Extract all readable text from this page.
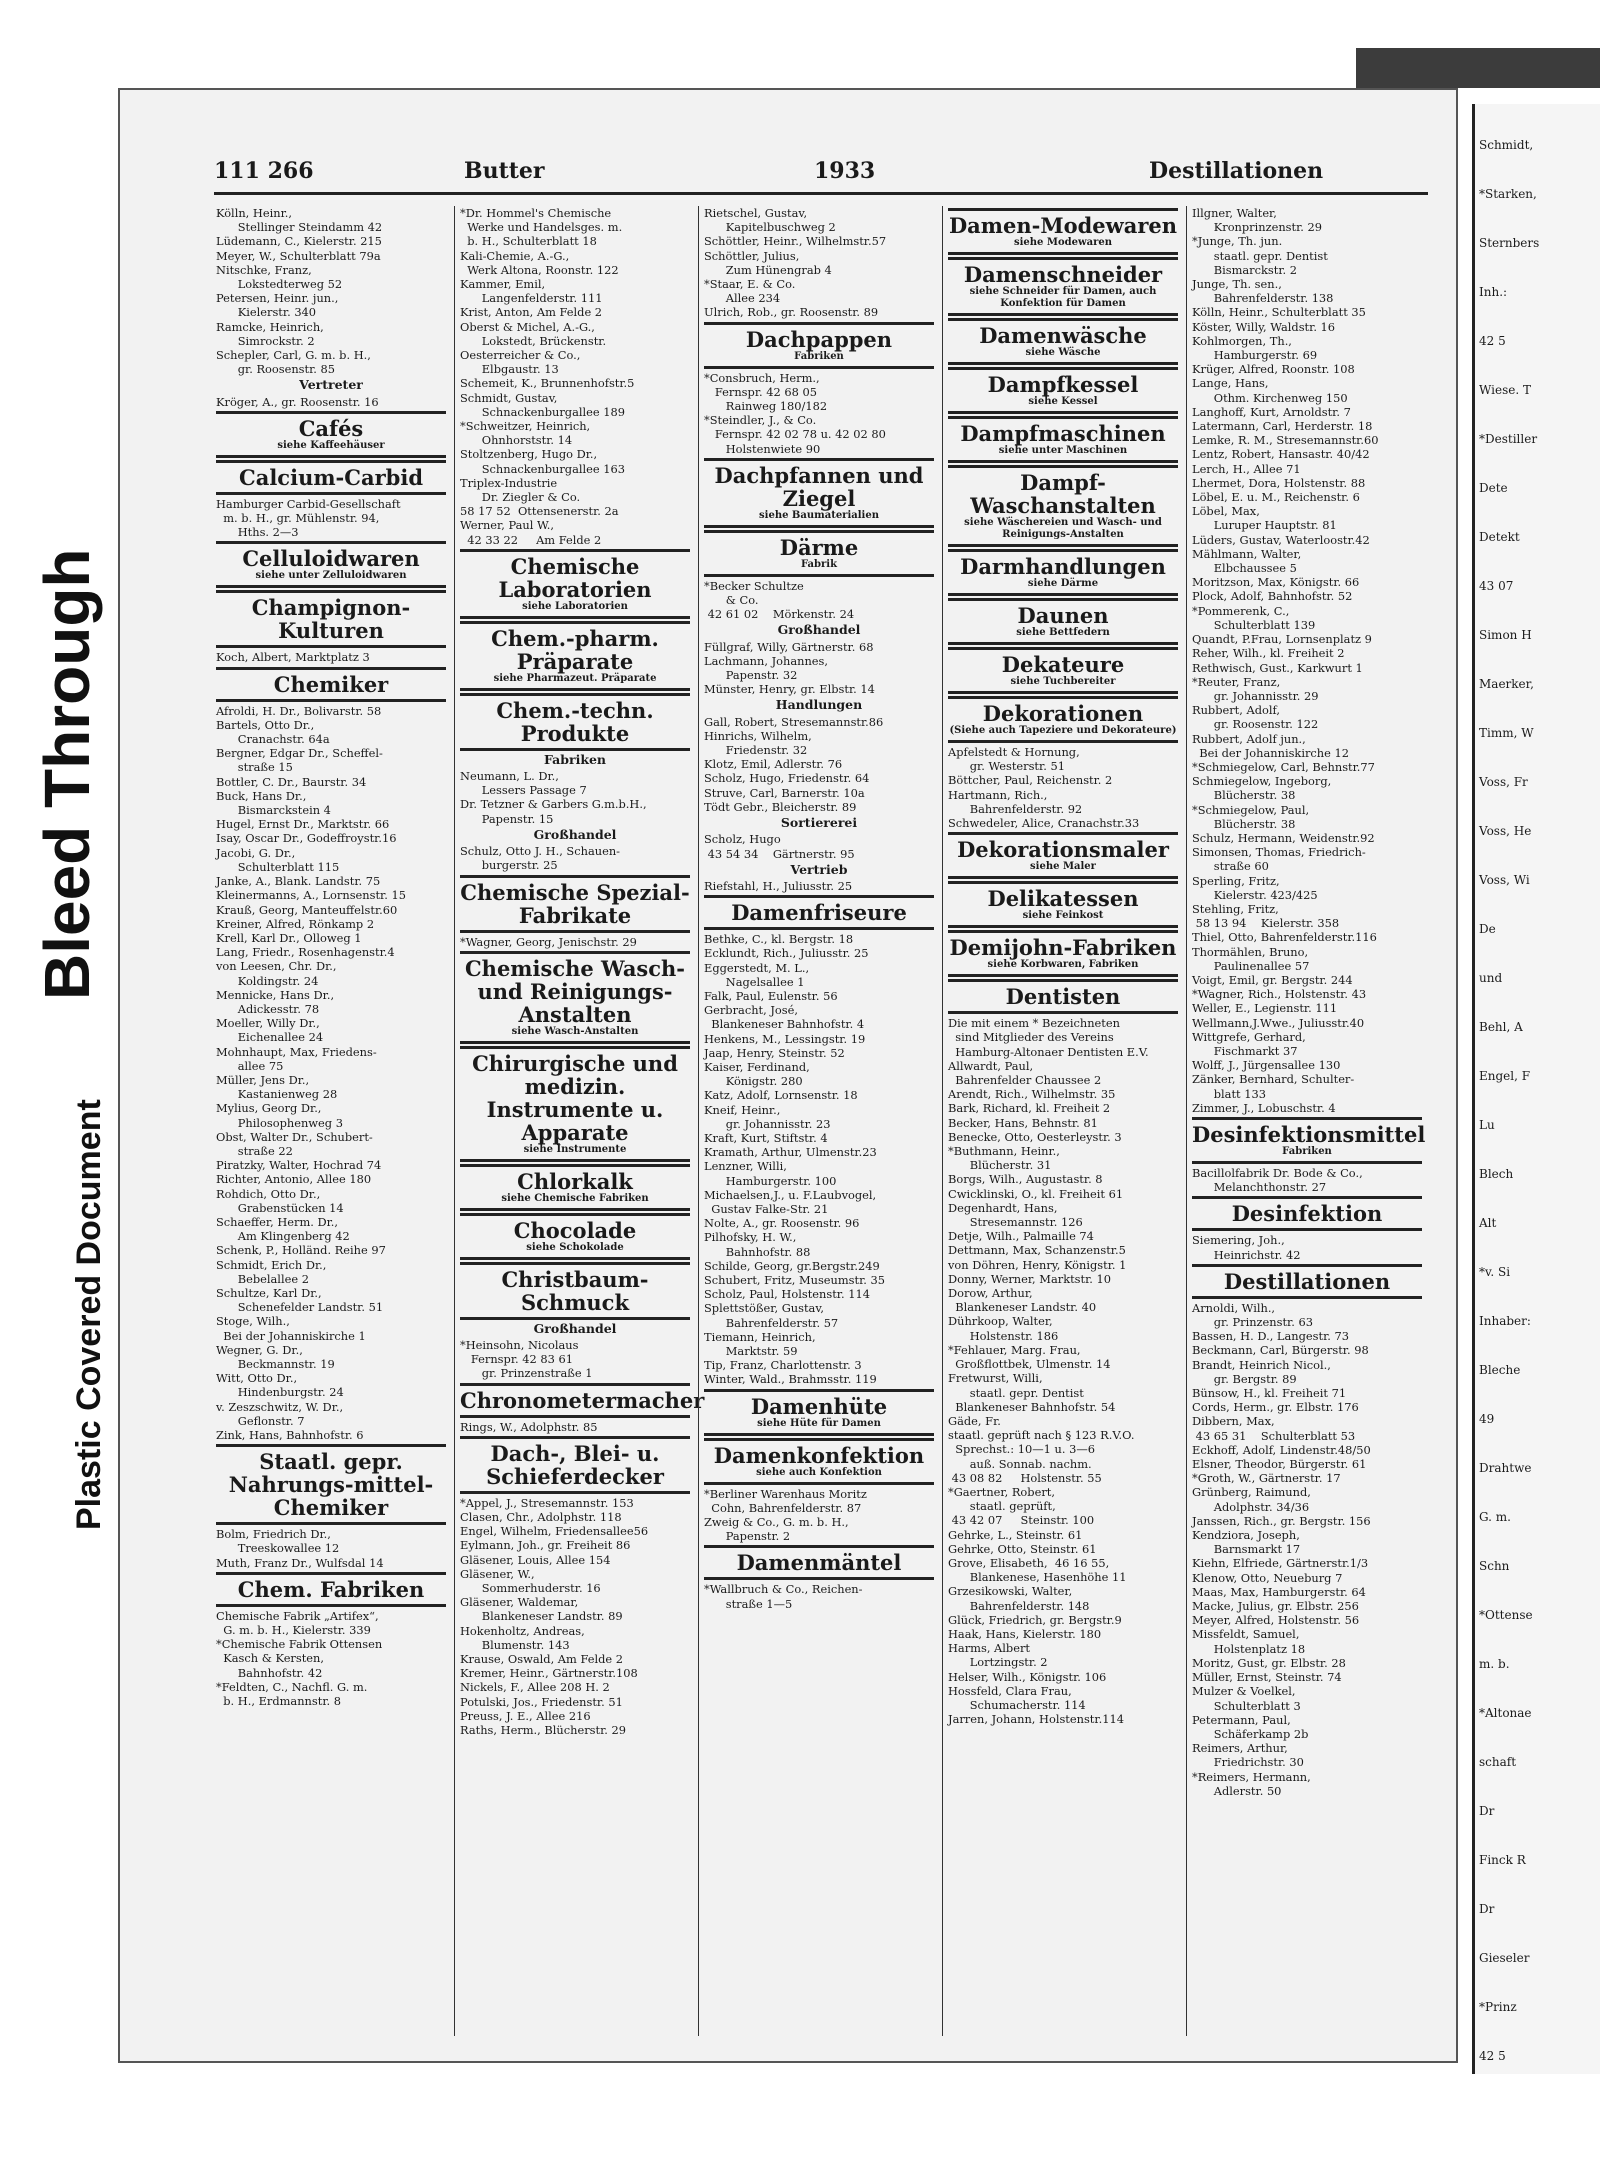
Bleed Through
Plastic Covered Document
111 266	Butter	1933	Destillationen
Kölln, Heinr.,
Stellinger Steindamm 42
Lüdemann, C., Kielerstr. 215
Meyer, W., Schulterblatt 79a
Nitschke, Franz,
Lokstedterweg 52
Petersen, Heinr. jun.,
Kielerstr. 340
Ramcke, Heinrich,
Simrockstr. 2
Schepler, Carl, G. m. b. H.,
gr. Roosenstr. 85
Vertreter
Kröger, A., gr. Roosenstr. 16
Cafés
siehe Kaffeehäuser
Calcium-Carbid
Hamburger Carbid-Gesellschaft
m. b. H., gr. Mühlenstr. 94,
Hths. 2—3
Celluloidwaren
siehe unter Zelluloidwaren
Champignon-Kulturen
Koch, Albert, Marktplatz 3
Chemiker
Afroldi, H. Dr., Bolivarstr. 58
Bartels, Otto Dr.,
Cranachstr. 64a
Bergner, Edgar Dr., Scheffel-
straße 15
Bottler, C. Dr., Baurstr. 34
Buck, Hans Dr.,
Bismarckstein 4
Hugel, Ernst Dr., Marktstr. 66
Isay, Oscar Dr., Godeffroystr.16
Jacobi, G. Dr.,
Schulterblatt 115
Janke, A., Blank. Landstr. 75
Kleinermanns, A., Lornsenstr. 15
Krauß, Georg, Manteuffelstr.60
Kreiner, Alfred, Rönkamp 2
Krell, Karl Dr., Olloweg 1
Lang, Friedr., Rosenhagenstr.4
von Leesen, Chr. Dr.,
Koldingstr. 24
Mennicke, Hans Dr.,
Adickesstr. 78
Moeller, Willy Dr.,
Eichenallee 24
Mohnhaupt, Max, Friedens-
allee 75
Müller, Jens Dr.,
Kastanienweg 28
Mylius, Georg Dr.,
Philosophenweg 3
Obst, Walter Dr., Schubert-
straße 22
Piratzky, Walter, Hochrad 74
Richter, Antonio, Allee 180
Rohdich, Otto Dr.,
Grabenstücken 14
Schaeffer, Herm. Dr.,
Am Klingenberg 42
Schenk, P., Holländ. Reihe 97
Schmidt, Erich Dr.,
Bebelallee 2
Schultze, Karl Dr.,
Schenefelder Landstr. 51
Stoge, Wilh.,
Bei der Johanniskirche 1
Wegner, G. Dr.,
Beckmannstr. 19
Witt, Otto Dr.,
Hindenburgstr. 24
v. Zeszschwitz, W. Dr.,
Geflonstr. 7
Zink, Hans, Bahnhofstr. 6
Staatl. gepr. Nahrungs-mittel-Chemiker
Bolm, Friedrich Dr.,
Treeskowallee 12
Muth, Franz Dr., Wulfsdal 14
Chem. Fabriken
Chemische Fabrik „Artifex“,
G. m. b. H., Kielerstr. 339
*Chemische Fabrik Ottensen
Kasch & Kersten,
Bahnhofstr. 42
*Feldten, C., Nachfl. G. m.
b. H., Erdmannstr. 8
*Dr. Hommel's Chemische
Werke und Handelsges. m.
b. H., Schulterblatt 18
Kali-Chemie, A.-G.,
Werk Altona, Roonstr. 122
Kammer, Emil,
Langenfelderstr. 111
Krist, Anton, Am Felde 2
Oberst & Michel, A.-G.,
Lokstedt, Brückenstr.
Oesterreicher & Co.,
Elbgaustr. 13
Schemeit, K., Brunnenhofstr.5
Schmidt, Gustav,
Schnackenburgallee 189
*Schweitzer, Heinrich,
Ohnhorststr. 14
Stoltzenberg, Hugo Dr.,
Schnackenburgallee 163
Triplex-Industrie
Dr. Ziegler & Co.
58 17 52  Ottensenerstr. 2a
Werner, Paul W.,
42 33 22     Am Felde 2
Chemische Laboratorien
siehe Laboratorien
Chem.-pharm. Präparate
siehe Pharmazeut. Präparate
Chem.-techn. Produkte
Fabriken
Neumann, L. Dr.,
Lessers Passage 7
Dr. Tetzner & Garbers G.m.b.H.,
Papenstr. 15
Großhandel
Schulz, Otto J. H., Schauen-
burgerstr. 25
Chemische Spezial-Fabrikate
*Wagner, Georg, Jenischstr. 29
Chemische Wasch- und Reinigungs-Anstalten
siehe Wasch-Anstalten
Chirurgische und medizin. Instrumente u. Apparate
siehe Instrumente
Chlorkalk
siehe Chemische Fabriken
Chocolade
siehe Schokolade
Christbaum-Schmuck
Großhandel
*Heinsohn, Nicolaus
Fernspr. 42 83 61
gr. Prinzenstraße 1
Chronometermacher
Rings, W., Adolphstr. 85
Dach-, Blei- u. Schieferdecker
*Appel, J., Stresemannstr. 153
Clasen, Chr., Adolphstr. 118
Engel, Wilhelm, Friedensallee56
Eylmann, Joh., gr. Freiheit 86
Gläsener, Louis, Allee 154
Gläsener, W.,
Sommerhuderstr. 16
Gläsener, Waldemar,
Blankeneser Landstr. 89
Hokenholtz, Andreas,
Blumenstr. 143
Krause, Oswald, Am Felde 2
Kremer, Heinr., Gärtnerstr.108
Nickels, F., Allee 208 H. 2
Potulski, Jos., Friedenstr. 51
Preuss, J. E., Allee 216
Raths, Herm., Blücherstr. 29
Rietschel, Gustav,
Kapitelbuschweg 2
Schöttler, Heinr., Wilhelmstr.57
Schöttler, Julius,
Zum Hünengrab 4
*Staar, E. & Co.
Allee 234
Ulrich, Rob., gr. Roosenstr. 89
Dachpappen
Fabriken
*Consbruch, Herm.,
Fernspr. 42 68 05
Rainweg 180/182
*Steindler, J., & Co.
Fernspr. 42 02 78 u. 42 02 80
Holstenwiete 90
Dachpfannen und Ziegel
siehe Baumaterialien
Därme
Fabrik
*Becker Schultze
& Co.
42 61 02    Mörkenstr. 24
Großhandel
Füllgraf, Willy, Gärtnerstr. 68
Lachmann, Johannes,
Papenstr. 32
Münster, Henry, gr. Elbstr. 14
Handlungen
Gall, Robert, Stresemannstr.86
Hinrichs, Wilhelm,
Friedenstr. 32
Klotz, Emil, Adlerstr. 76
Scholz, Hugo, Friedenstr. 64
Struve, Carl, Barnerstr. 10a
Tödt Gebr., Bleicherstr. 89
Sortiererei
Scholz, Hugo
43 54 34    Gärtnerstr. 95
Vertrieb
Riefstahl, H., Juliusstr. 25
Damenfriseure
Bethke, C., kl. Bergstr. 18
Ecklundt, Rich., Juliusstr. 25
Eggerstedt, M. L.,
Nagelsallee 1
Falk, Paul, Eulenstr. 56
Gerbracht, José,
Blankeneser Bahnhofstr. 4
Henkens, M., Lessingstr. 19
Jaap, Henry, Steinstr. 52
Kaiser, Ferdinand,
Königstr. 280
Katz, Adolf, Lornsenstr. 18
Kneif, Heinr.,
gr. Johannisstr. 23
Kraft, Kurt, Stiftstr. 4
Kramath, Arthur, Ulmenstr.23
Lenzner, Willi,
Hamburgerstr. 100
Michaelsen,J., u. F.Laubvogel,
Gustav Falke-Str. 21
Nolte, A., gr. Roosenstr. 96
Pilhofsky, H. W.,
Bahnhofstr. 88
Schilde, Georg, gr.Bergstr.249
Schubert, Fritz, Museumstr. 35
Scholz, Paul, Holstenstr. 114
Splettstößer, Gustav,
Bahrenfelderstr. 57
Tiemann, Heinrich,
Marktstr. 59
Tip, Franz, Charlottenstr. 3
Winter, Wald., Brahmsstr. 119
Damenhüte
siehe Hüte für Damen
Damenkonfektion
siehe auch Konfektion
*Berliner Warenhaus Moritz
Cohn, Bahrenfelderstr. 87
Zweig & Co., G. m. b. H.,
Papenstr. 2
Damenmäntel
*Wallbruch & Co., Reichen-
straße 1—5
Damen-Modewaren
siehe Modewaren
Damenschneider
siehe Schneider für Damen, auch Konfektion für Damen
Damenwäsche
siehe Wäsche
Dampfkessel
siehe Kessel
Dampfmaschinen
siehe unter Maschinen
Dampf-Waschanstalten
siehe Wäschereien und Wasch- und Reinigungs-Anstalten
Darmhandlungen
siehe Därme
Daunen
siehe Bettfedern
Dekateure
siehe Tuchbereiter
Dekorationen
(Siehe auch Tapeziere und Dekorateure)
Apfelstedt & Hornung,
gr. Westerstr. 51
Böttcher, Paul, Reichenstr. 2
Hartmann, Rich.,
Bahrenfelderstr. 92
Schwedeler, Alice, Cranachstr.33
Dekorationsmaler
siehe Maler
Delikatessen
siehe Feinkost
Demijohn-Fabriken
siehe Korbwaren, Fabriken
Dentisten
Die mit einem * Bezeichneten
sind Mitglieder des Vereins
Hamburg-Altonaer Dentisten E.V.
Allwardt, Paul,
Bahrenfelder Chaussee 2
Arendt, Rich., Wilhelmstr. 35
Bark, Richard, kl. Freiheit 2
Becker, Hans, Behnstr. 81
Benecke, Otto, Oesterleystr. 3
*Buthmann, Heinr.,
Blücherstr. 31
Borgs, Wilh., Augustastr. 8
Cwicklinski, O., kl. Freiheit 61
Degenhardt, Hans,
Stresemannstr. 126
Detje, Wilh., Palmaille 74
Dettmann, Max, Schanzenstr.5
von Döhren, Henry, Königstr. 1
Donny, Werner, Marktstr. 10
Dorow, Arthur,
Blankeneser Landstr. 40
Dührkoop, Walter,
Holstenstr. 186
*Fehlauer, Marg. Frau,
Großflottbek, Ulmenstr. 14
Fretwurst, Willi,
staatl. gepr. Dentist
Blankeneser Bahnhofstr. 54
Gäde, Fr.
staatl. geprüft nach § 123 R.V.O.
Sprechst.: 10—1 u. 3—6
auß. Sonnab. nachm.
43 08 82     Holstenstr. 55
*Gaertner, Robert,
staatl. geprüft,
43 42 07     Steinstr. 100
Gehrke, L., Steinstr. 61
Gehrke, Otto, Steinstr. 61
Grove, Elisabeth,  46 16 55,
Blankenese, Hasenhöhe 11
Grzesikowski, Walter,
Bahrenfelderstr. 148
Glück, Friedrich, gr. Bergstr.9
Haak, Hans, Kielerstr. 180
Harms, Albert
Lortzingstr. 2
Helser, Wilh., Königstr. 106
Hossfeld, Clara Frau,
Schumacherstr. 114
Jarren, Johann, Holstenstr.114
Illgner, Walter,
Kronprinzenstr. 29
*Junge, Th. jun.
staatl. gepr. Dentist
Bismarckstr. 2
Junge, Th. sen.,
Bahrenfelderstr. 138
Kölln, Heinr., Schulterblatt 35
Köster, Willy, Waldstr. 16
Kohlmorgen, Th.,
Hamburgerstr. 69
Krüger, Alfred, Roonstr. 108
Lange, Hans,
Othm. Kirchenweg 150
Langhoff, Kurt, Arnoldstr. 7
Latermann, Carl, Herderstr. 18
Lemke, R. M., Stresemannstr.60
Lentz, Robert, Hansastr. 40/42
Lerch, H., Allee 71
Lhermet, Dora, Holstenstr. 88
Löbel, E. u. M., Reichenstr. 6
Löbel, Max,
Luruper Hauptstr. 81
Lüders, Gustav, Waterloostr.42
Mählmann, Walter,
Elbchaussee 5
Moritzson, Max, Königstr. 66
Plock, Adolf, Bahnhofstr. 52
*Pommerenk, C.,
Schulterblatt 139
Quandt, P.Frau, Lornsenplatz 9
Reher, Wilh., kl. Freiheit 2
Rethwisch, Gust., Karkwurt 1
*Reuter, Franz,
gr. Johannisstr. 29
Rubbert, Adolf,
gr. Roosenstr. 122
Rubbert, Adolf jun.,
Bei der Johanniskirche 12
*Schmiegelow, Carl, Behnstr.77
Schmiegelow, Ingeborg,
Blücherstr. 38
*Schmiegelow, Paul,
Blücherstr. 38
Schulz, Hermann, Weidenstr.92
Simonsen, Thomas, Friedrich-
straße 60
Sperling, Fritz,
Kielerstr. 423/425
Stehling, Fritz,
58 13 94    Kielerstr. 358
Thiel, Otto, Bahrenfelderstr.116
Thormählen, Bruno,
Paulinenallee 57
Voigt, Emil, gr. Bergstr. 244
*Wagner, Rich., Holstenstr. 43
Weller, E., Legienstr. 111
Wellmann,J.Wwe., Juliusstr.40
Wittgrefe, Gerhard,
Fischmarkt 37
Wolff, J., Jürgensallee 130
Zänker, Bernhard, Schulter-
blatt 133
Zimmer, J., Lobuschstr. 4
Desinfektionsmittel
Fabriken
Bacillolfabrik Dr. Bode & Co.,
Melanchthonstr. 27
Desinfektion
Siemering, Joh.,
Heinrichstr. 42
Destillationen
Arnoldi, Wilh.,
gr. Prinzenstr. 63
Bassen, H. D., Langestr. 73
Beckmann, Carl, Bürgerstr. 98
Brandt, Heinrich Nicol.,
gr. Bergstr. 89
Bünsow, H., kl. Freiheit 71
Cords, Herm., gr. Elbstr. 176
Dibbern, Max,
43 65 31    Schulterblatt 53
Eckhoff, Adolf, Lindenstr.48/50
Elsner, Theodor, Bürgerstr. 61
*Groth, W., Gärtnerstr. 17
Grünberg, Raimund,
Adolphstr. 34/36
Janssen, Rich., gr. Bergstr. 156
Kendziora, Joseph,
Barnsmarkt 17
Kiehn, Elfriede, Gärtnerstr.1/3
Klenow, Otto, Neueburg 7
Maas, Max, Hamburgerstr. 64
Macke, Julius, gr. Elbstr. 256
Meyer, Alfred, Holstenstr. 56
Missfeldt, Samuel,
Holstenplatz 18
Moritz, Gust, gr. Elbstr. 28
Müller, Ernst, Steinstr. 74
Mulzer & Voelkel,
Schulterblatt 3
Petermann, Paul,
Schäferkamp 2b
Reimers, Arthur,
Friedrichstr. 30
*Reimers, Hermann,
Adlerstr. 50
Schmidt,
*Starken,
Sternbers
Inh.:
42 5
Wiese. T
*Destiller
Dete
Detekt
43 07
Simon H
Maerker,
Timm, W
Voss, Fr
Voss, He
Voss, Wi
De
und
Behl, A
Engel, F
Lu
Blech
Alt
*v. Si
Inhaber:
Bleche
49
Drahtwe
G. m.
Schn
*Ottense
m. b.
*Altonae
schaft
Dr
Finck R
Dr
Gieseler
*Prinz
42 5
